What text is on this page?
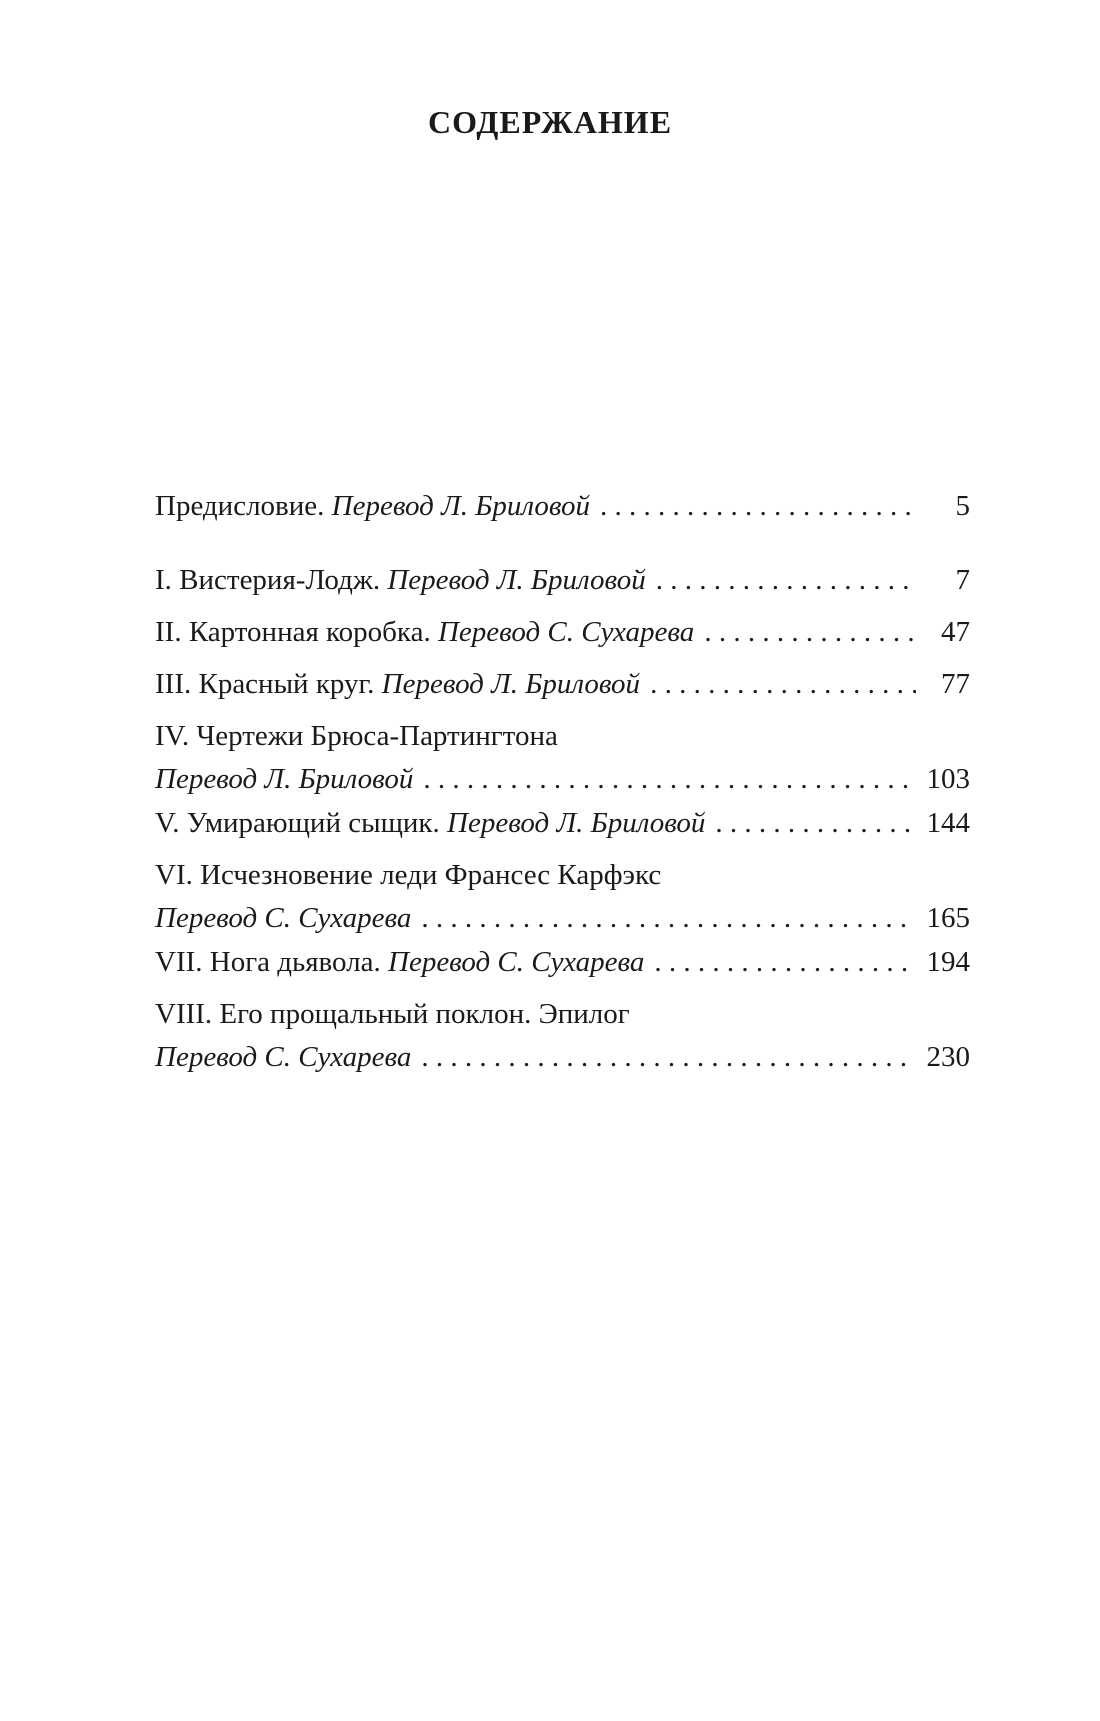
СОДЕРЖАНИЕ
Предисловие.
Перевод Л. Бриловой . . .	5
I. Вистерия-Лодж.
Перевод Л. Бриловой . . .	7
II. Картонная коробка.
Перевод С. Сухарева . . .	47
III. Красный круг.
Перевод Л. Бриловой . . .	77
IV. Чертежи Брюса-Партингтона
Перевод Л. Бриловой . . .	103
V. Умирающий сыщик.
Перевод Л. Бриловой . . .	144
VI. Исчезновение леди Франсес Карфэкс
Перевод С. Сухарева . . .	165
VII. Нога дьявола.
Перевод С. Сухарева . . .	194
VIII. Его прощальный поклон. Эпилог
Перевод С. Сухарева . . .	230
